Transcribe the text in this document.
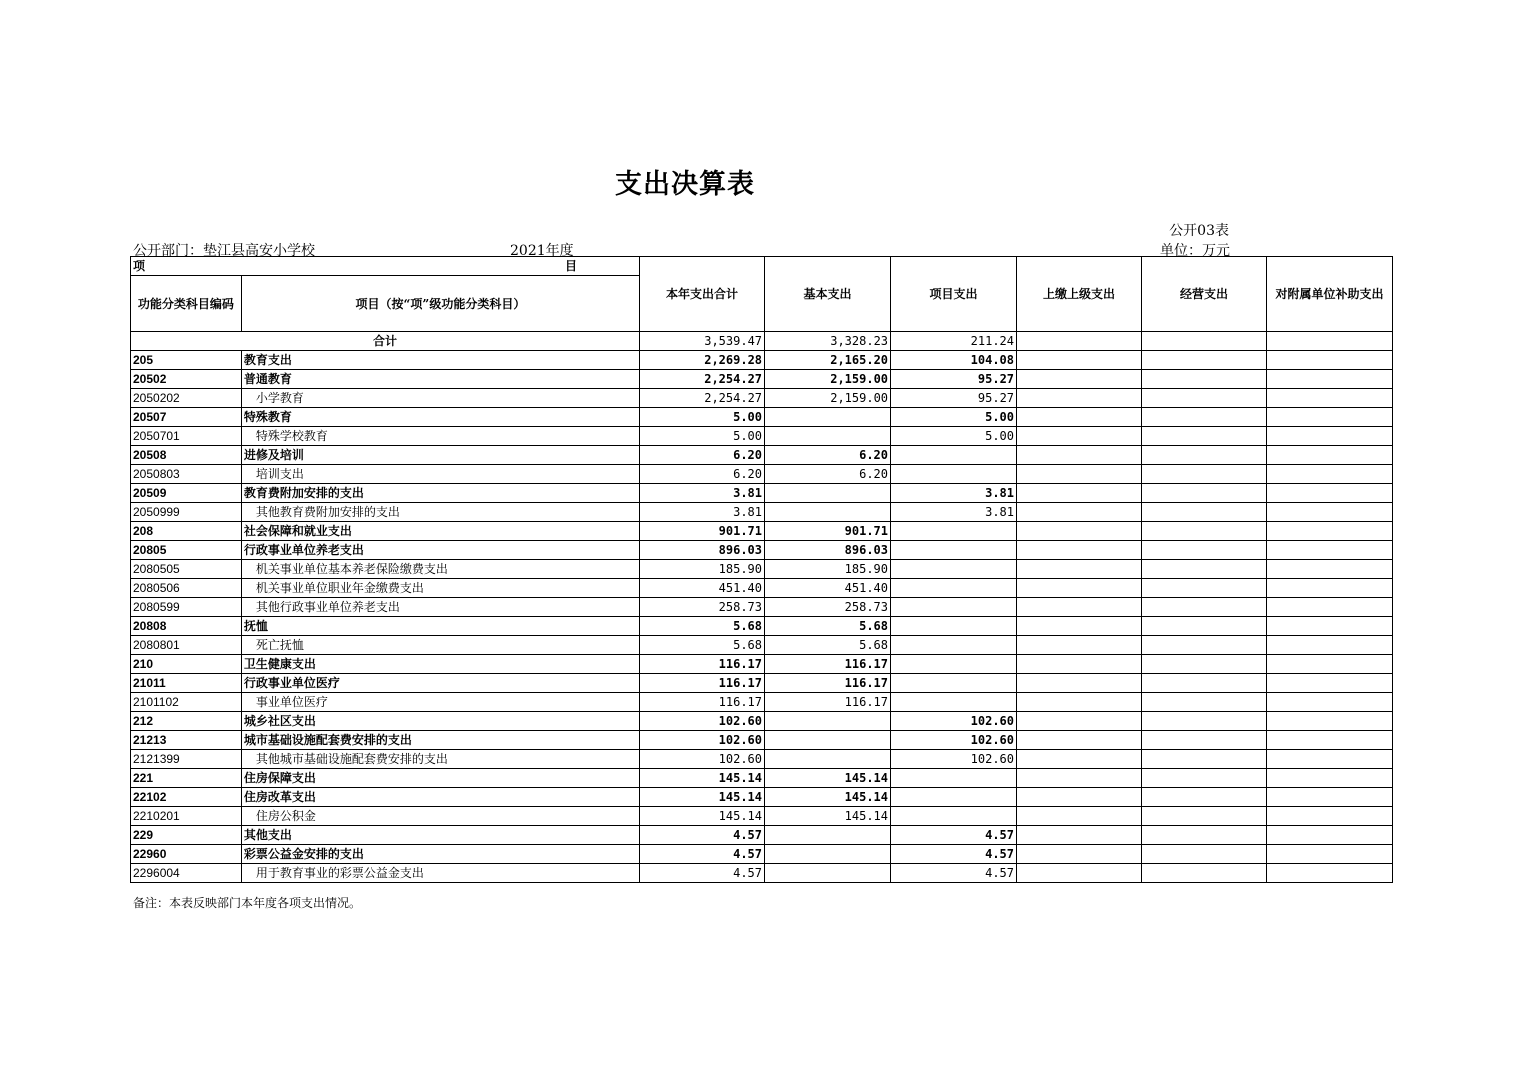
支出决算表
公开03表
公开部门：垫江县高安小学校	2021年度	单位：万元
项　　　　　目		本年支出合计	基本支出	项目支出	上缴上级支出	经营支出	对附属单位补助支出
功能分类科目编码	项目（按“项”级功能分类科目）						
合计		3,539.47	3,328.23	211.24			
205	教育支出	2,269.28	2,165.20	104.08			
20502	普通教育	2,254.27	2,159.00	95.27			
2050202	小学教育	2,254.27	2,159.00	95.27			
20507	特殊教育	5.00		5.00			
2050701	特殊学校教育	5.00		5.00			
20508	进修及培训	6.20	6.20				
2050803	培训支出	6.20	6.20				
20509	教育费附加安排的支出	3.81		3.81			
2050999	其他教育费附加安排的支出	3.81		3.81			
208	社会保障和就业支出	901.71	901.71				
20805	行政事业单位养老支出	896.03	896.03				
2080505	机关事业单位基本养老保险缴费支出	185.90	185.90				
2080506	机关事业单位职业年金缴费支出	451.40	451.40				
2080599	其他行政事业单位养老支出	258.73	258.73				
20808	抚恤	5.68	5.68				
2080801	死亡抚恤	5.68	5.68				
210	卫生健康支出	116.17	116.17				
21011	行政事业单位医疗	116.17	116.17				
2101102	事业单位医疗	116.17	116.17				
212	城乡社区支出	102.60		102.60			
21213	城市基础设施配套费安排的支出	102.60		102.60			
2121399	其他城市基础设施配套费安排的支出	102.60		102.60			
221	住房保障支出	145.14	145.14				
22102	住房改革支出	145.14	145.14				
2210201	住房公积金	145.14	145.14				
229	其他支出	4.57		4.57			
22960	彩票公益金安排的支出	4.57		4.57			
2296004	用于教育事业的彩票公益金支出	4.57		4.57			
备注：本表反映部门本年度各项支出情况。
